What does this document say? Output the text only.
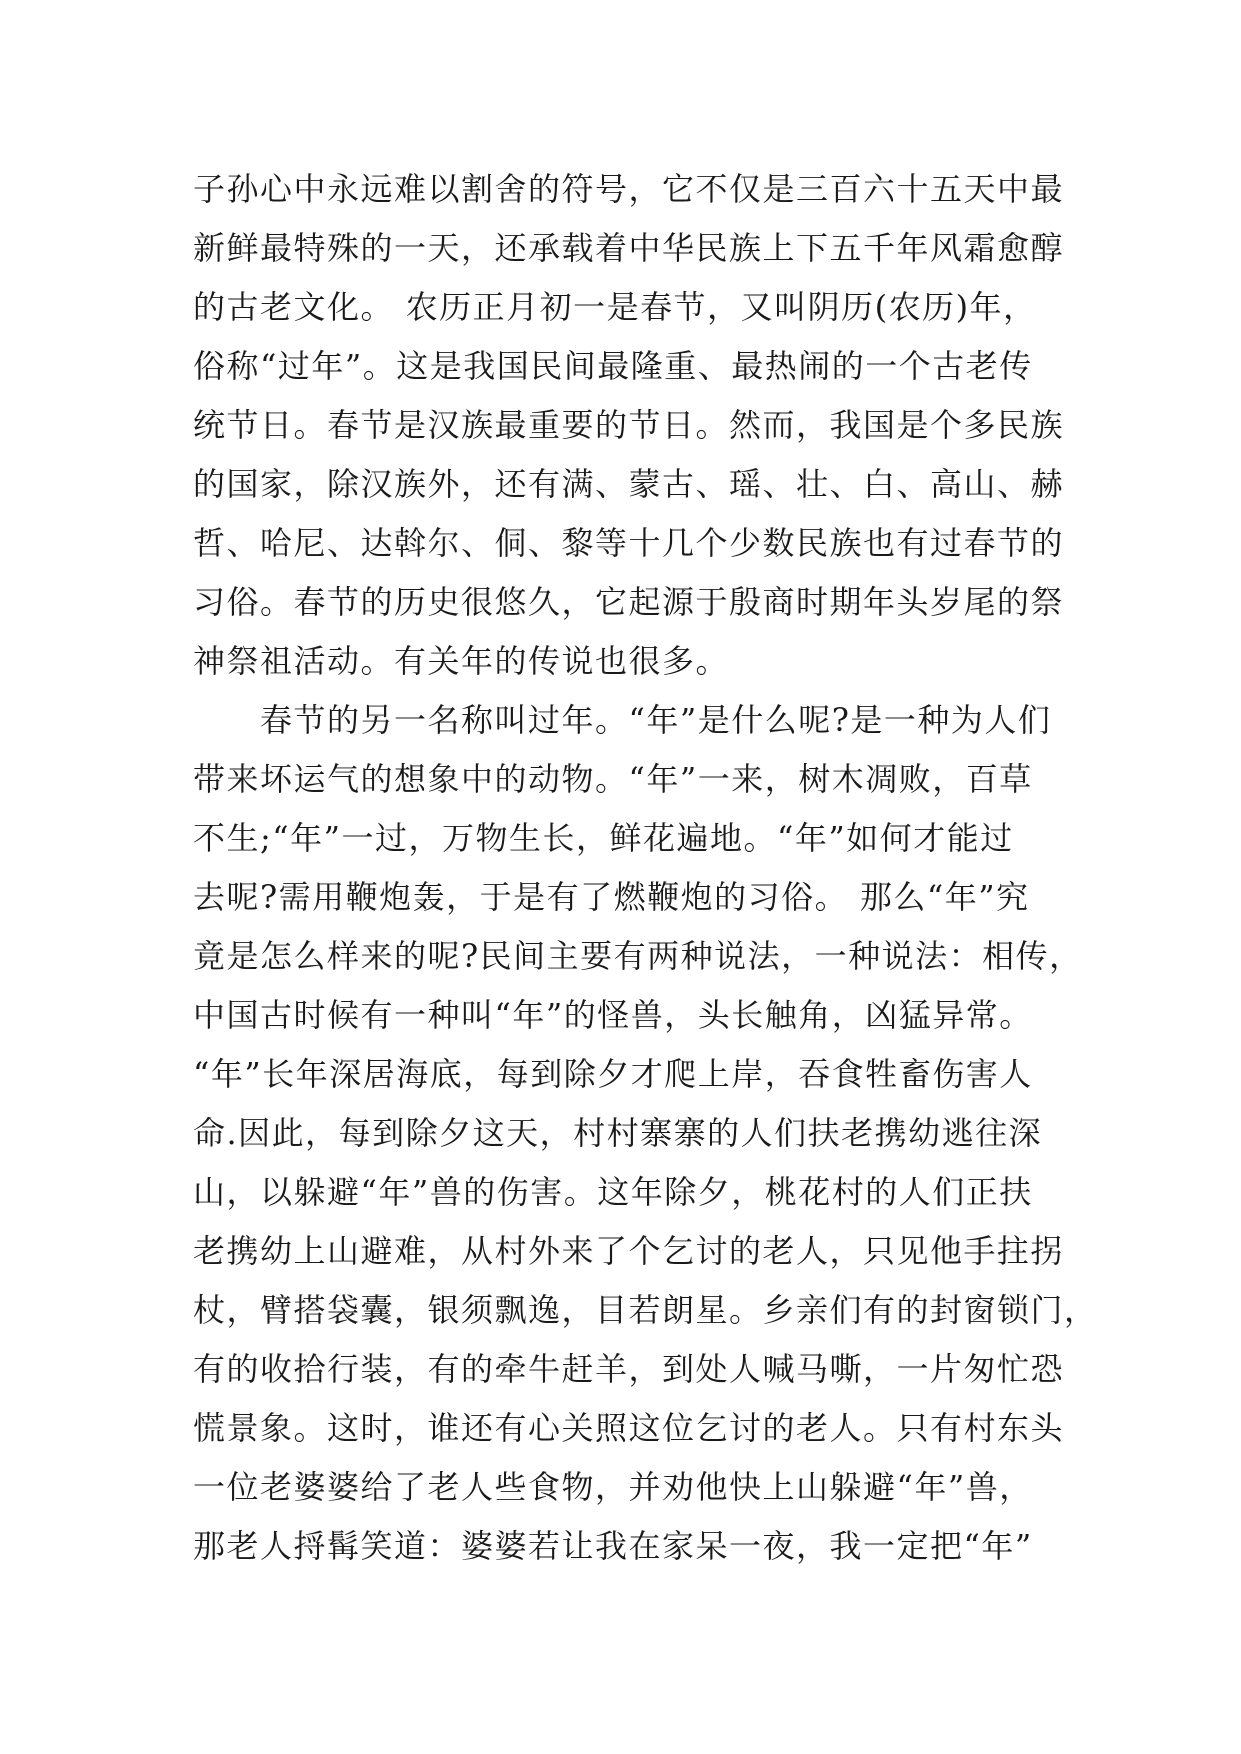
子孙心中永远难以割舍的符号，它不仅是三百六十五天中最
新鲜最特殊的一天，还承载着中华民族上下五千年风霜愈醇
的古老文化。 农历正月初一是春节，又叫阴历(农历)年，
俗称“过年”。这是我国民间最隆重、最热闹的一个古老传
统节日。春节是汉族最重要的节日。然而，我国是个多民族
的国家，除汉族外，还有满、蒙古、瑶、壮、白、高山、赫
哲、哈尼、达斡尔、侗、黎等十几个少数民族也有过春节的
习俗。春节的历史很悠久，它起源于殷商时期年头岁尾的祭
神祭祖活动。有关年的传说也很多。
　　春节的另一名称叫过年。“年”是什么呢?是一种为人们
带来坏运气的想象中的动物。“年”一来，树木凋败，百草
不生;“年”一过，万物生长，鲜花遍地。“年”如何才能过
去呢?需用鞭炮轰，于是有了燃鞭炮的习俗。 那么“年”究
竟是怎么样来的呢?民间主要有两种说法，一种说法：相传，
中国古时候有一种叫“年”的怪兽，头长触角，凶猛异常。
“年”长年深居海底，每到除夕才爬上岸，吞食牲畜伤害人
命.因此，每到除夕这天，村村寨寨的人们扶老携幼逃往深
山，以躲避“年”兽的伤害。这年除夕，桃花村的人们正扶
老携幼上山避难，从村外来了个乞讨的老人，只见他手拄拐
杖，臂搭袋囊，银须飘逸，目若朗星。乡亲们有的封窗锁门，
有的收拾行装，有的牵牛赶羊，到处人喊马嘶，一片匆忙恐
慌景象。这时，谁还有心关照这位乞讨的老人。只有村东头
一位老婆婆给了老人些食物，并劝他快上山躲避“年”兽，
那老人捋髯笑道：婆婆若让我在家呆一夜，我一定把“年”
